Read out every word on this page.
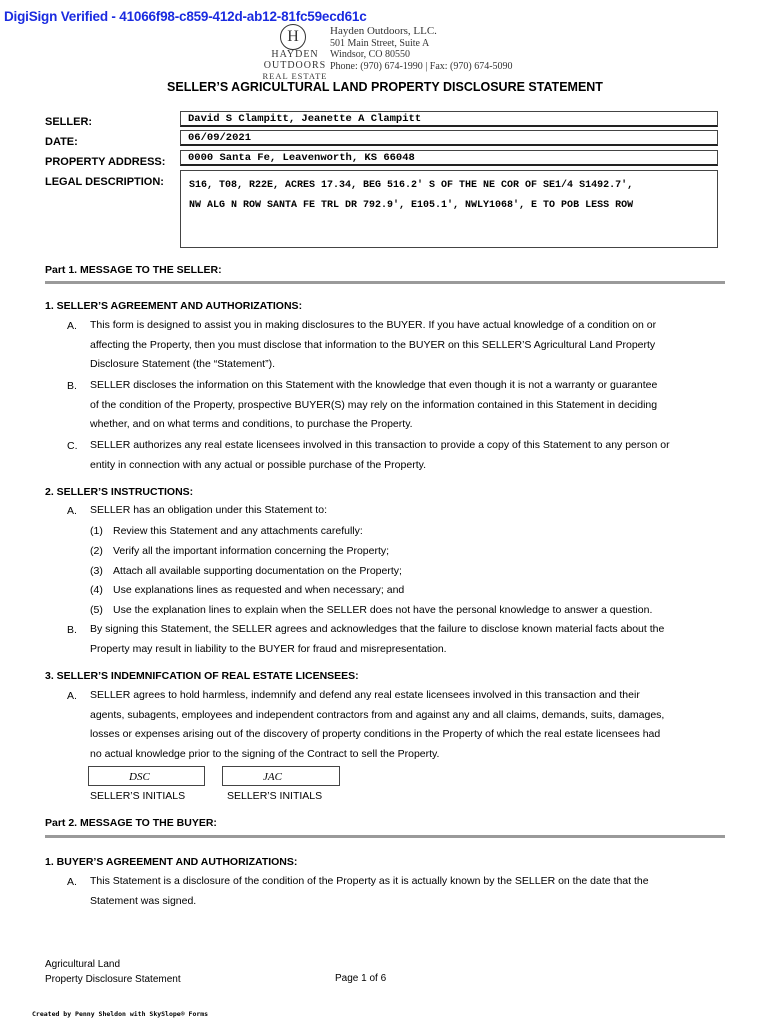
DigiSign Verified - 41066f98-c859-412d-ab12-81fc59ecd61c
H
HAYDEN
OUTDOORS
REAL ESTATE
Hayden Outdoors, LLC.
501 Main Street, Suite A
Windsor, CO 80550
Phone: (970) 674-1990 | Fax: (970) 674-5090
SELLER’S AGRICULTURAL LAND PROPERTY DISCLOSURE STATEMENT
SELLER:	David S Clampitt, Jeanette A Clampitt
DATE:	06/09/2021
PROPERTY ADDRESS:	0000 Santa Fe, Leavenworth, KS 66048
LEGAL DESCRIPTION:	S16, T08, R22E, ACRES 17.34, BEG 516.2' S OF THE NE COR OF SE1/4 S1492.7',
NW ALG N ROW SANTA FE TRL DR 792.9', E105.1', NWLY1068', E TO POB LESS ROW
Part 1. MESSAGE TO THE SELLER:
1. SELLER’S AGREEMENT AND AUTHORIZATIONS:
A. This form is designed to assist you in making disclosures to the BUYER. If you have actual knowledge of a condition on or
affecting the Property, then you must disclose that information to the BUYER on this SELLER’S Agricultural Land Property
Disclosure Statement (the “Statement”).
B. SELLER discloses the information on this Statement with the knowledge that even though it is not a warranty or guarantee
of the condition of the Property, prospective BUYER(S) may rely on the information contained in this Statement in deciding
whether, and on what terms and conditions, to purchase the Property.
C. SELLER authorizes any real estate licensees involved in this transaction to provide a copy of this Statement to any person or
entity in connection with any actual or possible purchase of the Property.
2. SELLER’S INSTRUCTIONS:
A. SELLER has an obligation under this Statement to:
(1) Review this Statement and any attachments carefully:
(2) Verify all the important information concerning the Property;
(3) Attach all available supporting documentation on the Property;
(4) Use explanations lines as requested and when necessary; and
(5) Use the explanation lines to explain when the SELLER does not have the personal knowledge to answer a question.
B. By signing this Statement, the SELLER agrees and acknowledges that the failure to disclose known material facts about the
Property may result in liability to the BUYER for fraud and misrepresentation.
3. SELLER’S INDEMNIFCATION OF REAL ESTATE LICENSEES:
A. SELLER agrees to hold harmless, indemnify and defend any real estate licensees involved in this transaction and their
agents, subagents, employees and independent contractors from and against any and all claims, demands, suits, damages,
losses or expenses arising out of the discovery of property conditions in the Property of which the real estate licensees had
no actual knowledge prior to the signing of the Contract to sell the Property.
DSC
SELLER’S INITIALS
JAC
SELLER’S INITIALS
Part 2. MESSAGE TO THE BUYER:
1. BUYER’S AGREEMENT AND AUTHORIZATIONS:
A. This Statement is a disclosure of the condition of the Property as it is actually known by the SELLER on the date that the
Statement was signed.
Agricultural Land
Property Disclosure Statement	Page 1 of 6
Created by Penny Sheldon with SkySlope® Forms
